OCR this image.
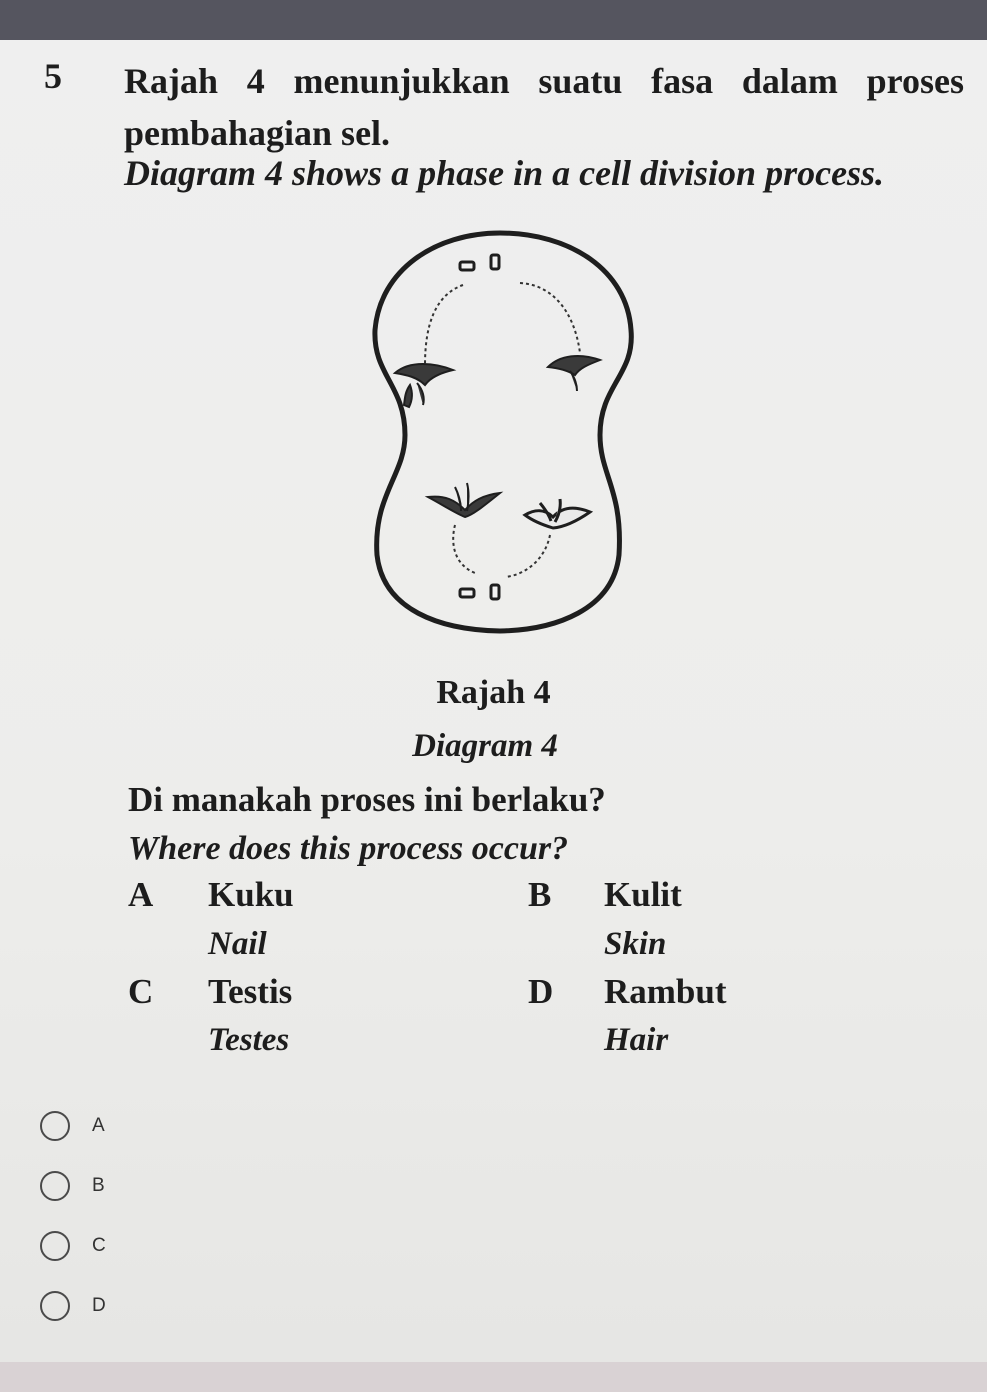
5 Rajah 4 menunjukkan suatu fasa dalam proses pembahagian sel.
Diagram 4 shows a phase in a cell division process.
Rajah 4
Diagram 4
Di manakah proses ini berlaku?
Where does this process occur?
A Kuku
Nail
B Kulit
Skin
C Testis
Testes
D Rambut
Hair
A
B
C
D
